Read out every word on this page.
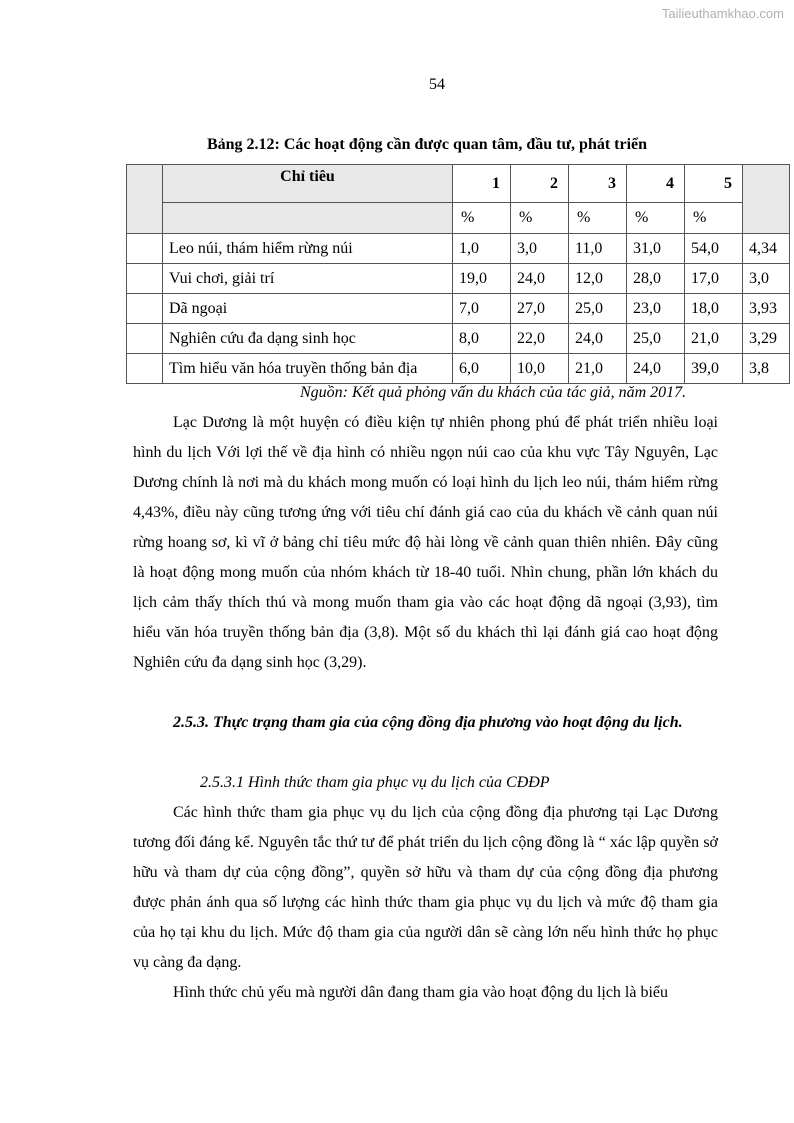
Tailieuthamkhao.com
54
Bảng 2.12: Các hoạt động cần được quan tâm, đầu tư, phát triển
	Chỉ tiêu	1	2	3	4	5	
		%	%	%	%	%	
	Leo núi, thám hiểm rừng núi	1,0	3,0	11,0	31,0	54,0	4,34
	Vui chơi, giải trí	19,0	24,0	12,0	28,0	17,0	3,0
	Dã ngoại	7,0	27,0	25,0	23,0	18,0	3,93
	Nghiên cứu đa dạng sinh học	8,0	22,0	24,0	25,0	21,0	3,29
	Tìm hiểu văn hóa truyền thống bản địa	6,0	10,0	21,0	24,0	39,0	3,8
Nguồn: Kết quả phỏng vấn du khách của tác giả, năm 2017.

Lạc Dương là một huyện có điều kiện tự nhiên phong phú để phát triển nhiều loại hình du lịch Với lợi thế về địa hình có nhiều ngọn núi cao của khu vực Tây Nguyên, Lạc Dương chính là nơi mà du khách mong muốn có loại hình du lịch leo núi, thám hiểm rừng 4,43%, điều này cũng tương ứng với tiêu chí đánh giá cao của du khách về cảnh quan núi rừng hoang sơ, kì vĩ ở bảng chỉ tiêu mức độ hài lòng về cảnh quan thiên nhiên. Đây cũng là hoạt động mong muốn của nhóm khách từ 18-40 tuổi. Nhìn chung, phần lớn khách du lịch cảm thấy thích thú và mong muốn tham gia vào các hoạt động dã ngoại (3,93), tìm hiểu văn hóa truyền thống bản địa (3,8). Một số du khách thì lại đánh giá cao hoạt động Nghiên cứu đa dạng sinh học (3,29).

2.5.3. Thực trạng tham gia của cộng đồng địa phương vào hoạt động du lịch.

2.5.3.1 Hình thức tham gia phục vụ du lịch của CĐĐP

Các hình thức tham gia phục vụ du lịch của cộng đồng địa phương tại Lạc Dương tương đối đáng kể. Nguyên tắc thứ tư để phát triển du lịch cộng đồng là “ xác lập quyền sở hữu và tham dự của cộng đồng”, quyền sở hữu và tham dự của cộng đồng địa phương được phản ánh qua số lượng các hình thức tham gia phục vụ du lịch và mức độ tham gia của họ tại khu du lịch. Mức độ tham gia của người dân sẽ càng lớn nếu hình thức họ phục vụ càng đa dạng.

Hình thức chủ yếu mà người dân đang tham gia vào hoạt động du lịch là biểu
